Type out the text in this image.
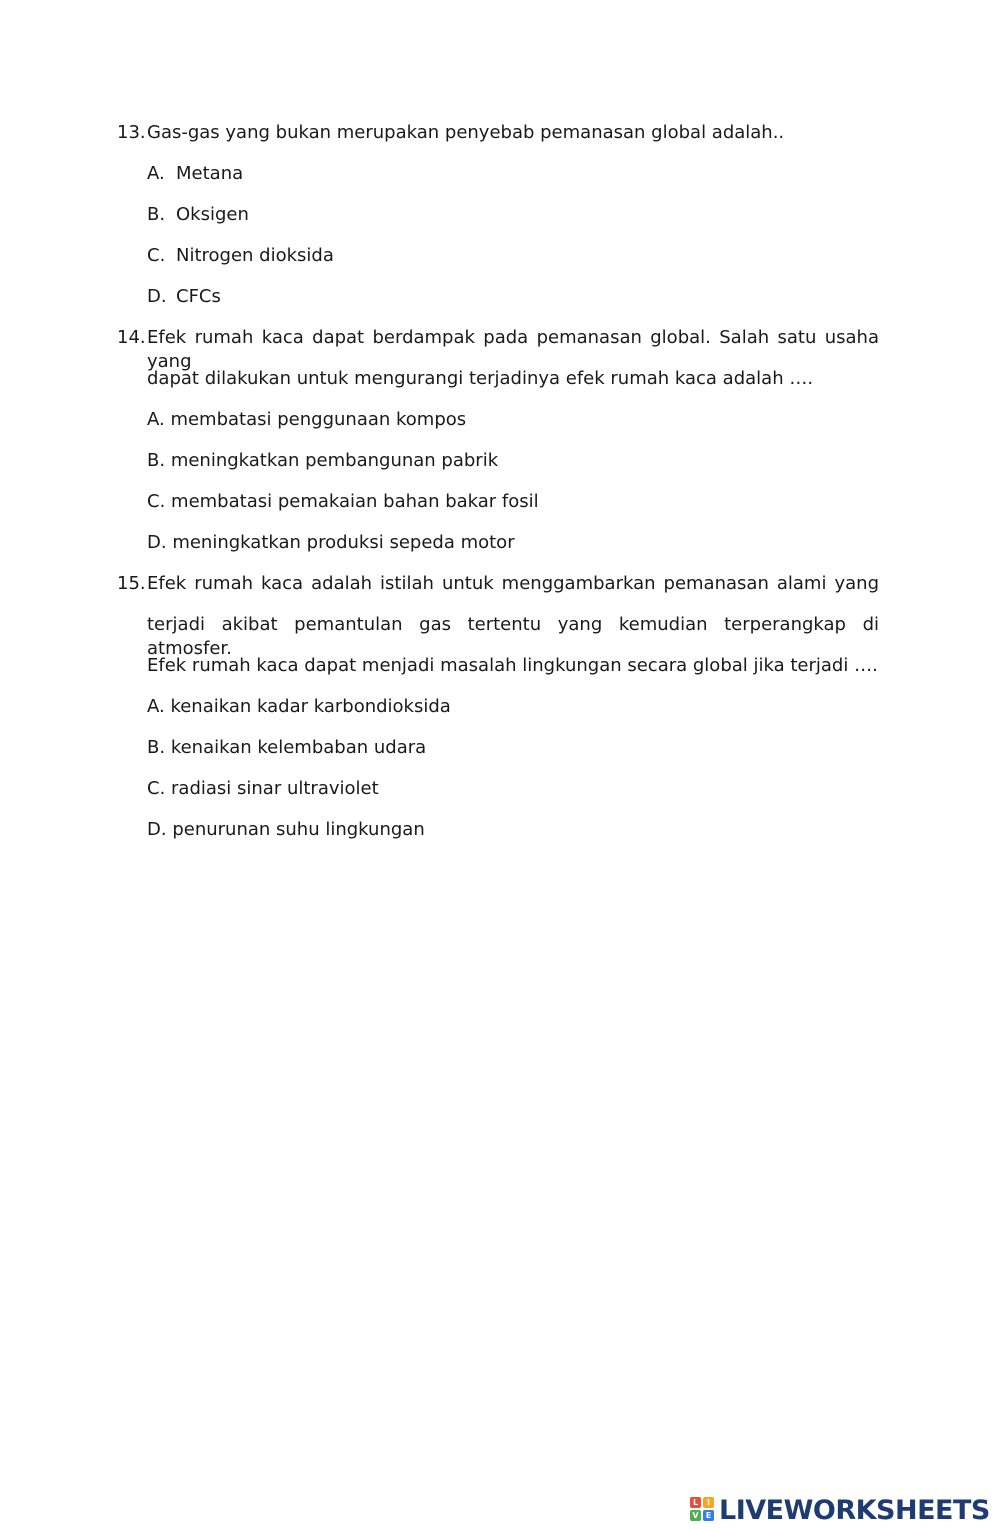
13. Gas-gas yang bukan merupakan penyebab pemanasan global adalah..
A. Metana
B. Oksigen
C. Nitrogen dioksida
D. CFCs
14. Efek rumah kaca dapat berdampak pada pemanasan global. Salah satu usaha yang
dapat dilakukan untuk mengurangi terjadinya efek rumah kaca adalah ….
A. membatasi penggunaan kompos
B. meningkatkan pembangunan pabrik
C. membatasi pemakaian bahan bakar fosil
D. meningkatkan produksi sepeda motor
15. Efek rumah kaca adalah istilah untuk menggambarkan pemanasan alami yang
terjadi akibat pemantulan gas tertentu yang kemudian terperangkap di atmosfer.
Efek rumah kaca dapat menjadi masalah lingkungan secara global jika terjadi ….
A. kenaikan kadar karbondioksida
B. kenaikan kelembaban udara
C. radiasi sinar ultraviolet
D. penurunan suhu lingkungan
L	I
V E LIVEWORKSHEETS
